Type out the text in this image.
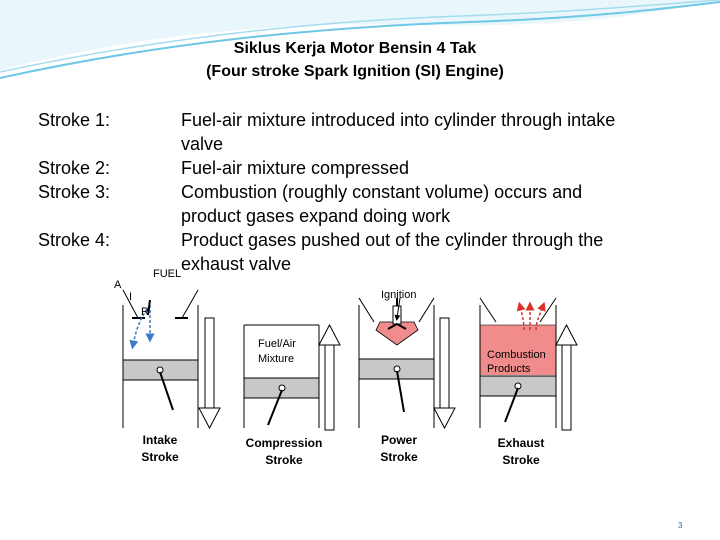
Siklus Kerja Motor Bensin 4 Tak
(Four stroke Spark Ignition (SI) Engine)
Stroke 1:
Stroke 2:
Stroke 3:
Stroke 4:
Fuel-air mixture introduced into cylinder through intake
valve
Fuel-air mixture compressed
Combustion (roughly constant volume) occurs and
product gases expand doing work
Product gases pushed out of the cylinder through the
exhaust valve
FUEL
A
I
R
Ignition
Fuel/Air
Mixture	Combustion
Products
Intake
Stroke
Compression
Stroke
Power
Stroke
Exhaust
Stroke
3
